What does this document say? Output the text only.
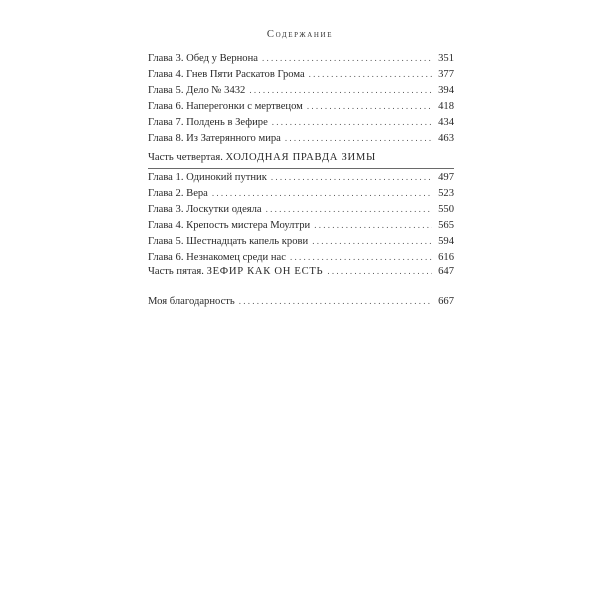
Содержание
Глава 3. Обед у Вернона . . .	351
Глава 4. Гнев Пяти Раскатов Грома . . .	377
Глава 5. Дело № 3432 . . .	394
Глава 6. Наперегонки с мертвецом . . .	418
Глава 7. Полдень в Зефире . . .	434
Глава 8. Из Затерянного мира . . .	463
Часть четвертая. ХОЛОДНАЯ ПРАВДА ЗИМЫ
Глава 1. Одинокий путник . . .	497
Глава 2. Вера . . .	523
Глава 3. Лоскутки одеяла . . .	550
Глава 4. Крепость мистера Моултри . . .	565
Глава 5. Шестнадцать капель крови . . .	594
Глава 6. Незнакомец среди нас . . .	616
Часть пятая. ЗЕФИР КАК ОН ЕСТЬ . . .	647
Моя благодарность . . .	667
